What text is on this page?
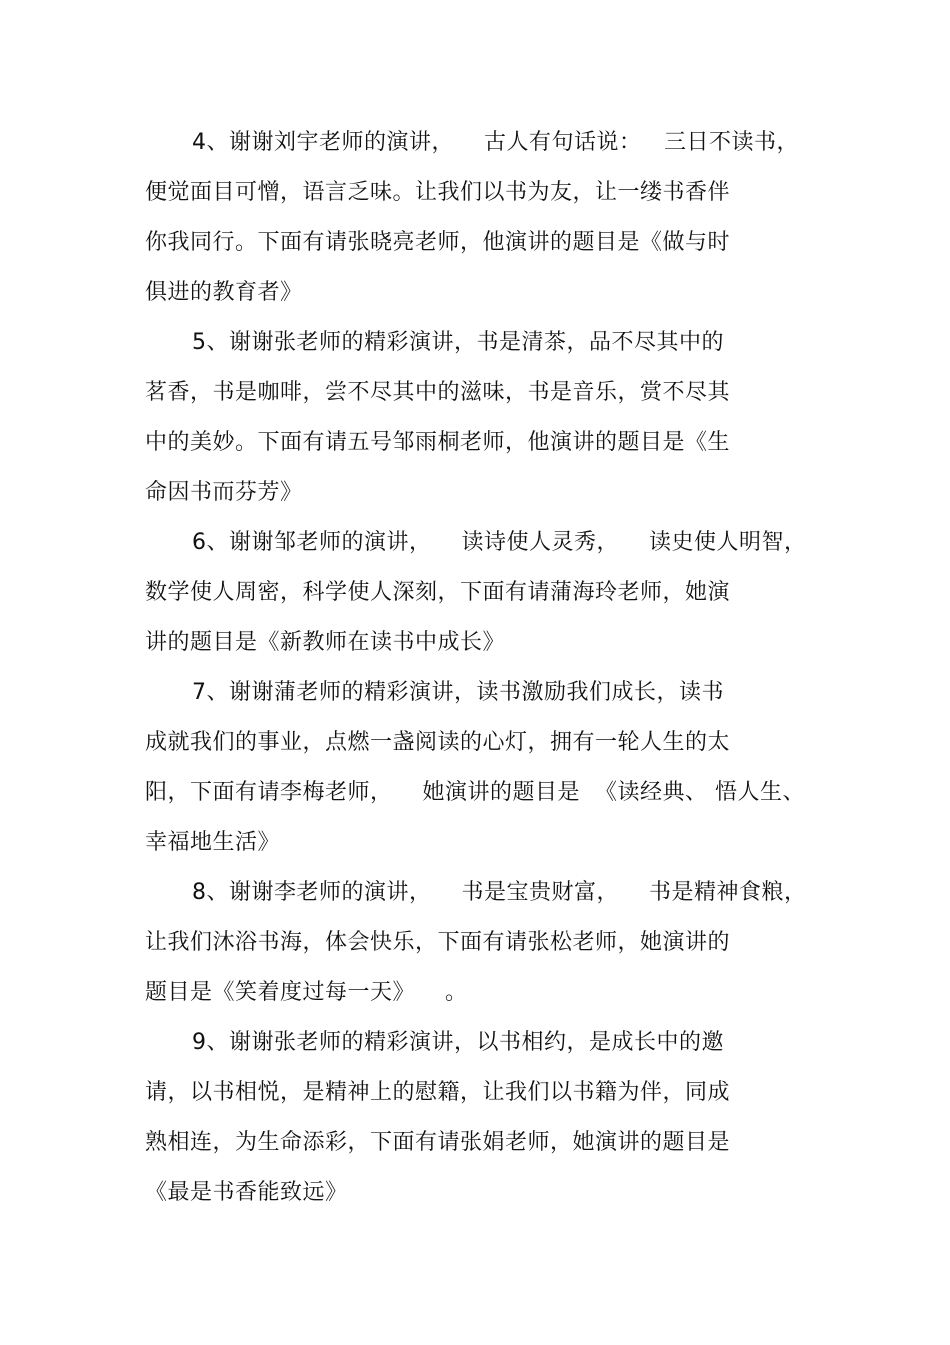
4、谢谢刘宇老师的演讲，    古人有句话说：   三日不读书，
便觉面目可憎，语言乏味。让我们以书为友，让一缕书香伴
你我同行。下面有请张晓亮老师，他演讲的题目是《做与时
俱进的教育者》
5、谢谢张老师的精彩演讲，书是清茶，品不尽其中的
茗香，书是咖啡，尝不尽其中的滋味，书是音乐，赏不尽其
中的美妙。下面有请五号邹雨桐老师，他演讲的题目是《生
命因书而芬芳》
6、谢谢邹老师的演讲，    读诗使人灵秀，    读史使人明智，
数学使人周密，科学使人深刻，下面有请蒲海玲老师，她演
讲的题目是《新教师在读书中成长》
7、谢谢蒲老师的精彩演讲，读书激励我们成长，读书
成就我们的事业，点燃一盏阅读的心灯，拥有一轮人生的太
阳，下面有请李梅老师，    她演讲的题目是  《读经典、 悟人生、
幸福地生活》
8、谢谢李老师的演讲，    书是宝贵财富，    书是精神食粮，
让我们沐浴书海，体会快乐，下面有请张松老师，她演讲的
题目是《笑着度过每一天》    。
9、谢谢张老师的精彩演讲，以书相约，是成长中的邀
请，以书相悦，是精神上的慰籍，让我们以书籍为伴，同成
熟相连，为生命添彩，下面有请张娟老师，她演讲的题目是
《最是书香能致远》
